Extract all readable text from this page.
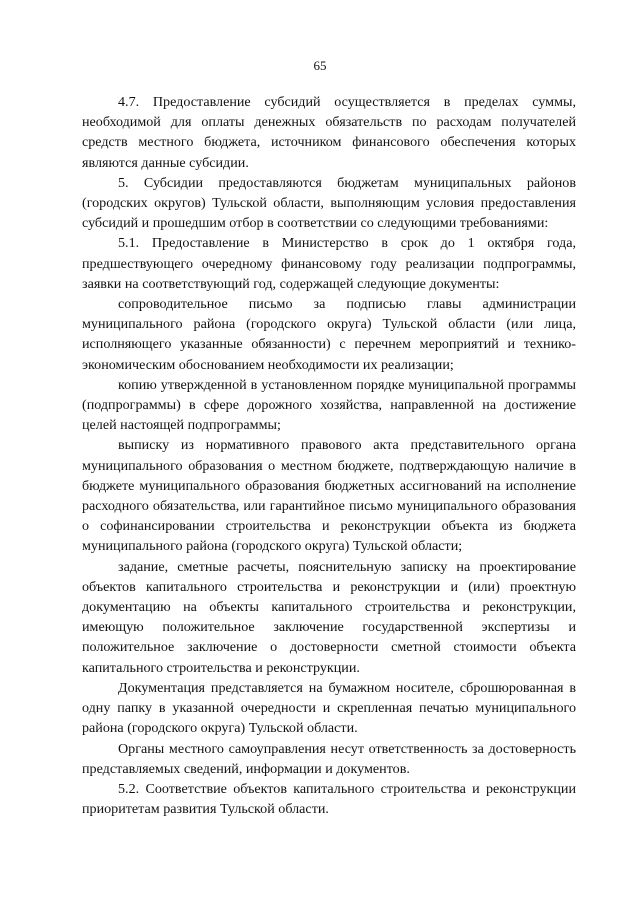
65

4.7. Предоставление субсидий осуществляется в пределах суммы, необходимой для оплаты денежных обязательств по расходам получателей средств местного бюджета, источником финансового обеспечения которых являются данные субсидии.

5. Субсидии предоставляются бюджетам муниципальных районов (городских округов) Тульской области, выполняющим условия предоставления субсидий и прошедшим отбор в соответствии со следующими требованиями:

5.1. Предоставление в Министерство в срок до 1 октября года, предшествующего очередному финансовому году реализации подпрограммы, заявки на соответствующий год, содержащей следующие документы:

сопроводительное письмо за подписью главы администрации муниципального района (городского округа) Тульской области (или лица, исполняющего указанные обязанности) с перечнем мероприятий и технико-экономическим обоснованием необходимости их реализации;

копию утвержденной в установленном порядке муниципальной программы (подпрограммы) в сфере дорожного хозяйства, направленной на достижение целей настоящей подпрограммы;

выписку из нормативного правового акта представительного органа муниципального образования о местном бюджете, подтверждающую наличие в бюджете муниципального образования бюджетных ассигнований на исполнение расходного обязательства, или гарантийное письмо муниципального образования о софинансировании строительства и реконструкции объекта из бюджета муниципального района (городского округа) Тульской области;

задание, сметные расчеты, пояснительную записку на проектирование объектов капитального строительства и реконструкции и (или) проектную документацию на объекты капитального строительства и реконструкции, имеющую положительное заключение государственной экспертизы и положительное заключение о достоверности сметной стоимости объекта капитального строительства и реконструкции.

Документация представляется на бумажном носителе, сброшюрованная в одну папку в указанной очередности и скрепленная печатью муниципального района (городского округа) Тульской области.

Органы местного самоуправления несут ответственность за достоверность представляемых сведений, информации и документов.

5.2. Соответствие объектов капитального строительства и реконструкции приоритетам развития Тульской области.
